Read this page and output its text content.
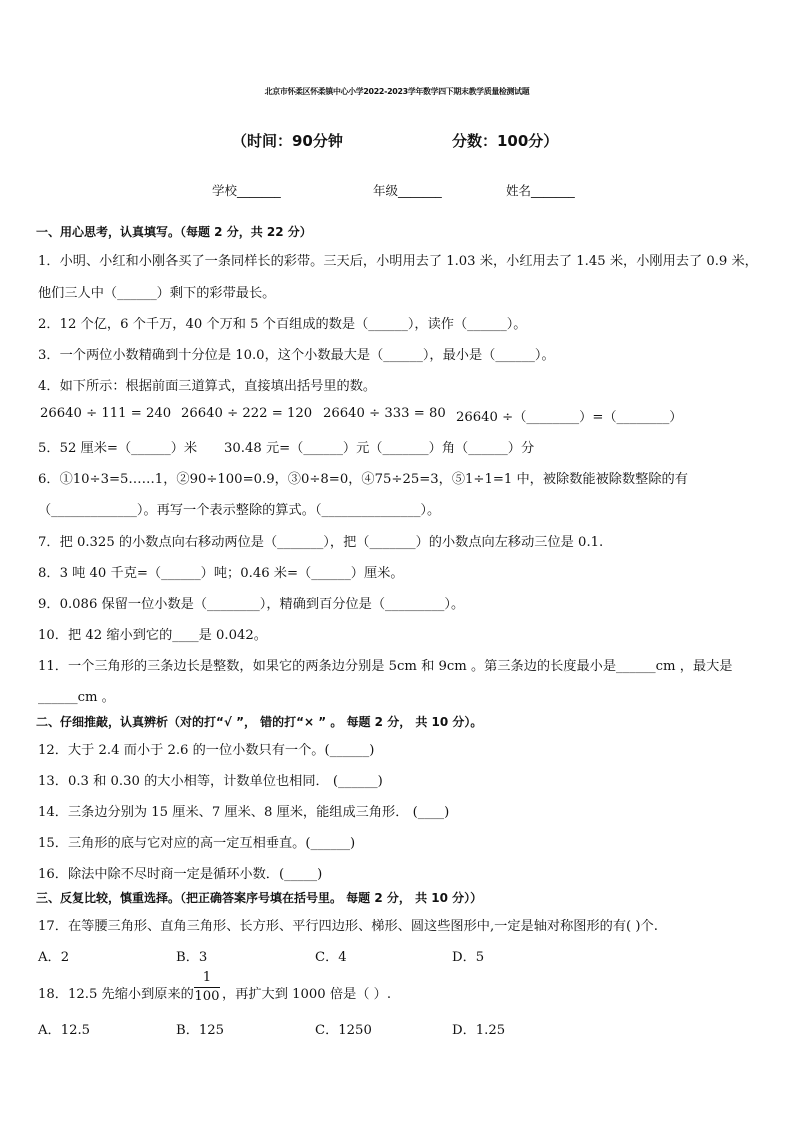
北京市怀柔区怀柔镇中心小学2022-2023学年数学四下期末教学质量检测试题
（时间：90分钟	分数：100分）
学校_______	年级_______	姓名_______
一、用心思考，认真填写。（每题 2 分，共 22 分）
1．小明、小红和小刚各买了一条同样长的彩带。三天后，小明用去了 1.03 米，小红用去了 1.45 米，小刚用去了 0.9 米，
他们三人中（______）剩下的彩带最长。
2．12 个亿，6 个千万，40 个万和 5 个百组成的数是（______），读作（______）。
3．一个两位小数精确到十分位是 10.0，这个小数最大是（______），最小是（______）。
4．如下所示：根据前面三道算式，直接填出括号里的数。
26640 ÷ 111 = 240 26640 ÷ 222 = 120 26640 ÷ 333 = 80 26640 ÷（________）=（________）
5．52 厘米=（______）米 30.48 元=（______）元（_______）角（______）分
6．①10÷3=5……1，②90÷100=0.9，③0÷8=0，④75÷25=3，⑤1÷1=1 中，被除数能被除数整除的有
（_____________）。再写一个表示整除的算式。（_______________）。
7．把 0.325 的小数点向右移动两位是（_______），把（_______）的小数点向左移动三位是 0.1.
8．3 吨 40 千克=（______）吨；0.46 米=（______）厘米。
9．0.086 保留一位小数是（________），精确到百分位是（_________）。
10．把 42 缩小到它的____是 0.042。
11．一个三角形的三条边长是整数，如果它的两条边分别是 5cm 和 9cm 。第三条边的长度最小是______cm ，最大是
______cm 。
二、仔细推敲，认真辨析（对的打“√ ”， 错的打“× ” 。 每题 2 分， 共 10 分）。
12．大于 2.4 而小于 2.6 的一位小数只有一个。(______)
13．0.3 和 0.30 的大小相等，计数单位也相同． (______)
14．三条边分别为 15 厘米、7 厘米、8 厘米，能组成三角形． (____)
15．三角形的底与它对应的高一定互相垂直。(______)
16．除法中除不尽时商一定是循环小数．(_____)
三、反复比较，慎重选择。（把正确答案序号填在括号里。 每题 2 分， 共 10 分））
17．在等腰三角形、直角三角形、长方形、平行四边形、梯形、圆这些图形中,一定是轴对称图形的有( )个.
A．2	B．3	C．4	D．5
18．12.5 先缩小到原来的
1
100 ，再扩大到 1000 倍是（ ）.
A．12.5	B．125	C．1250	D．1.25
